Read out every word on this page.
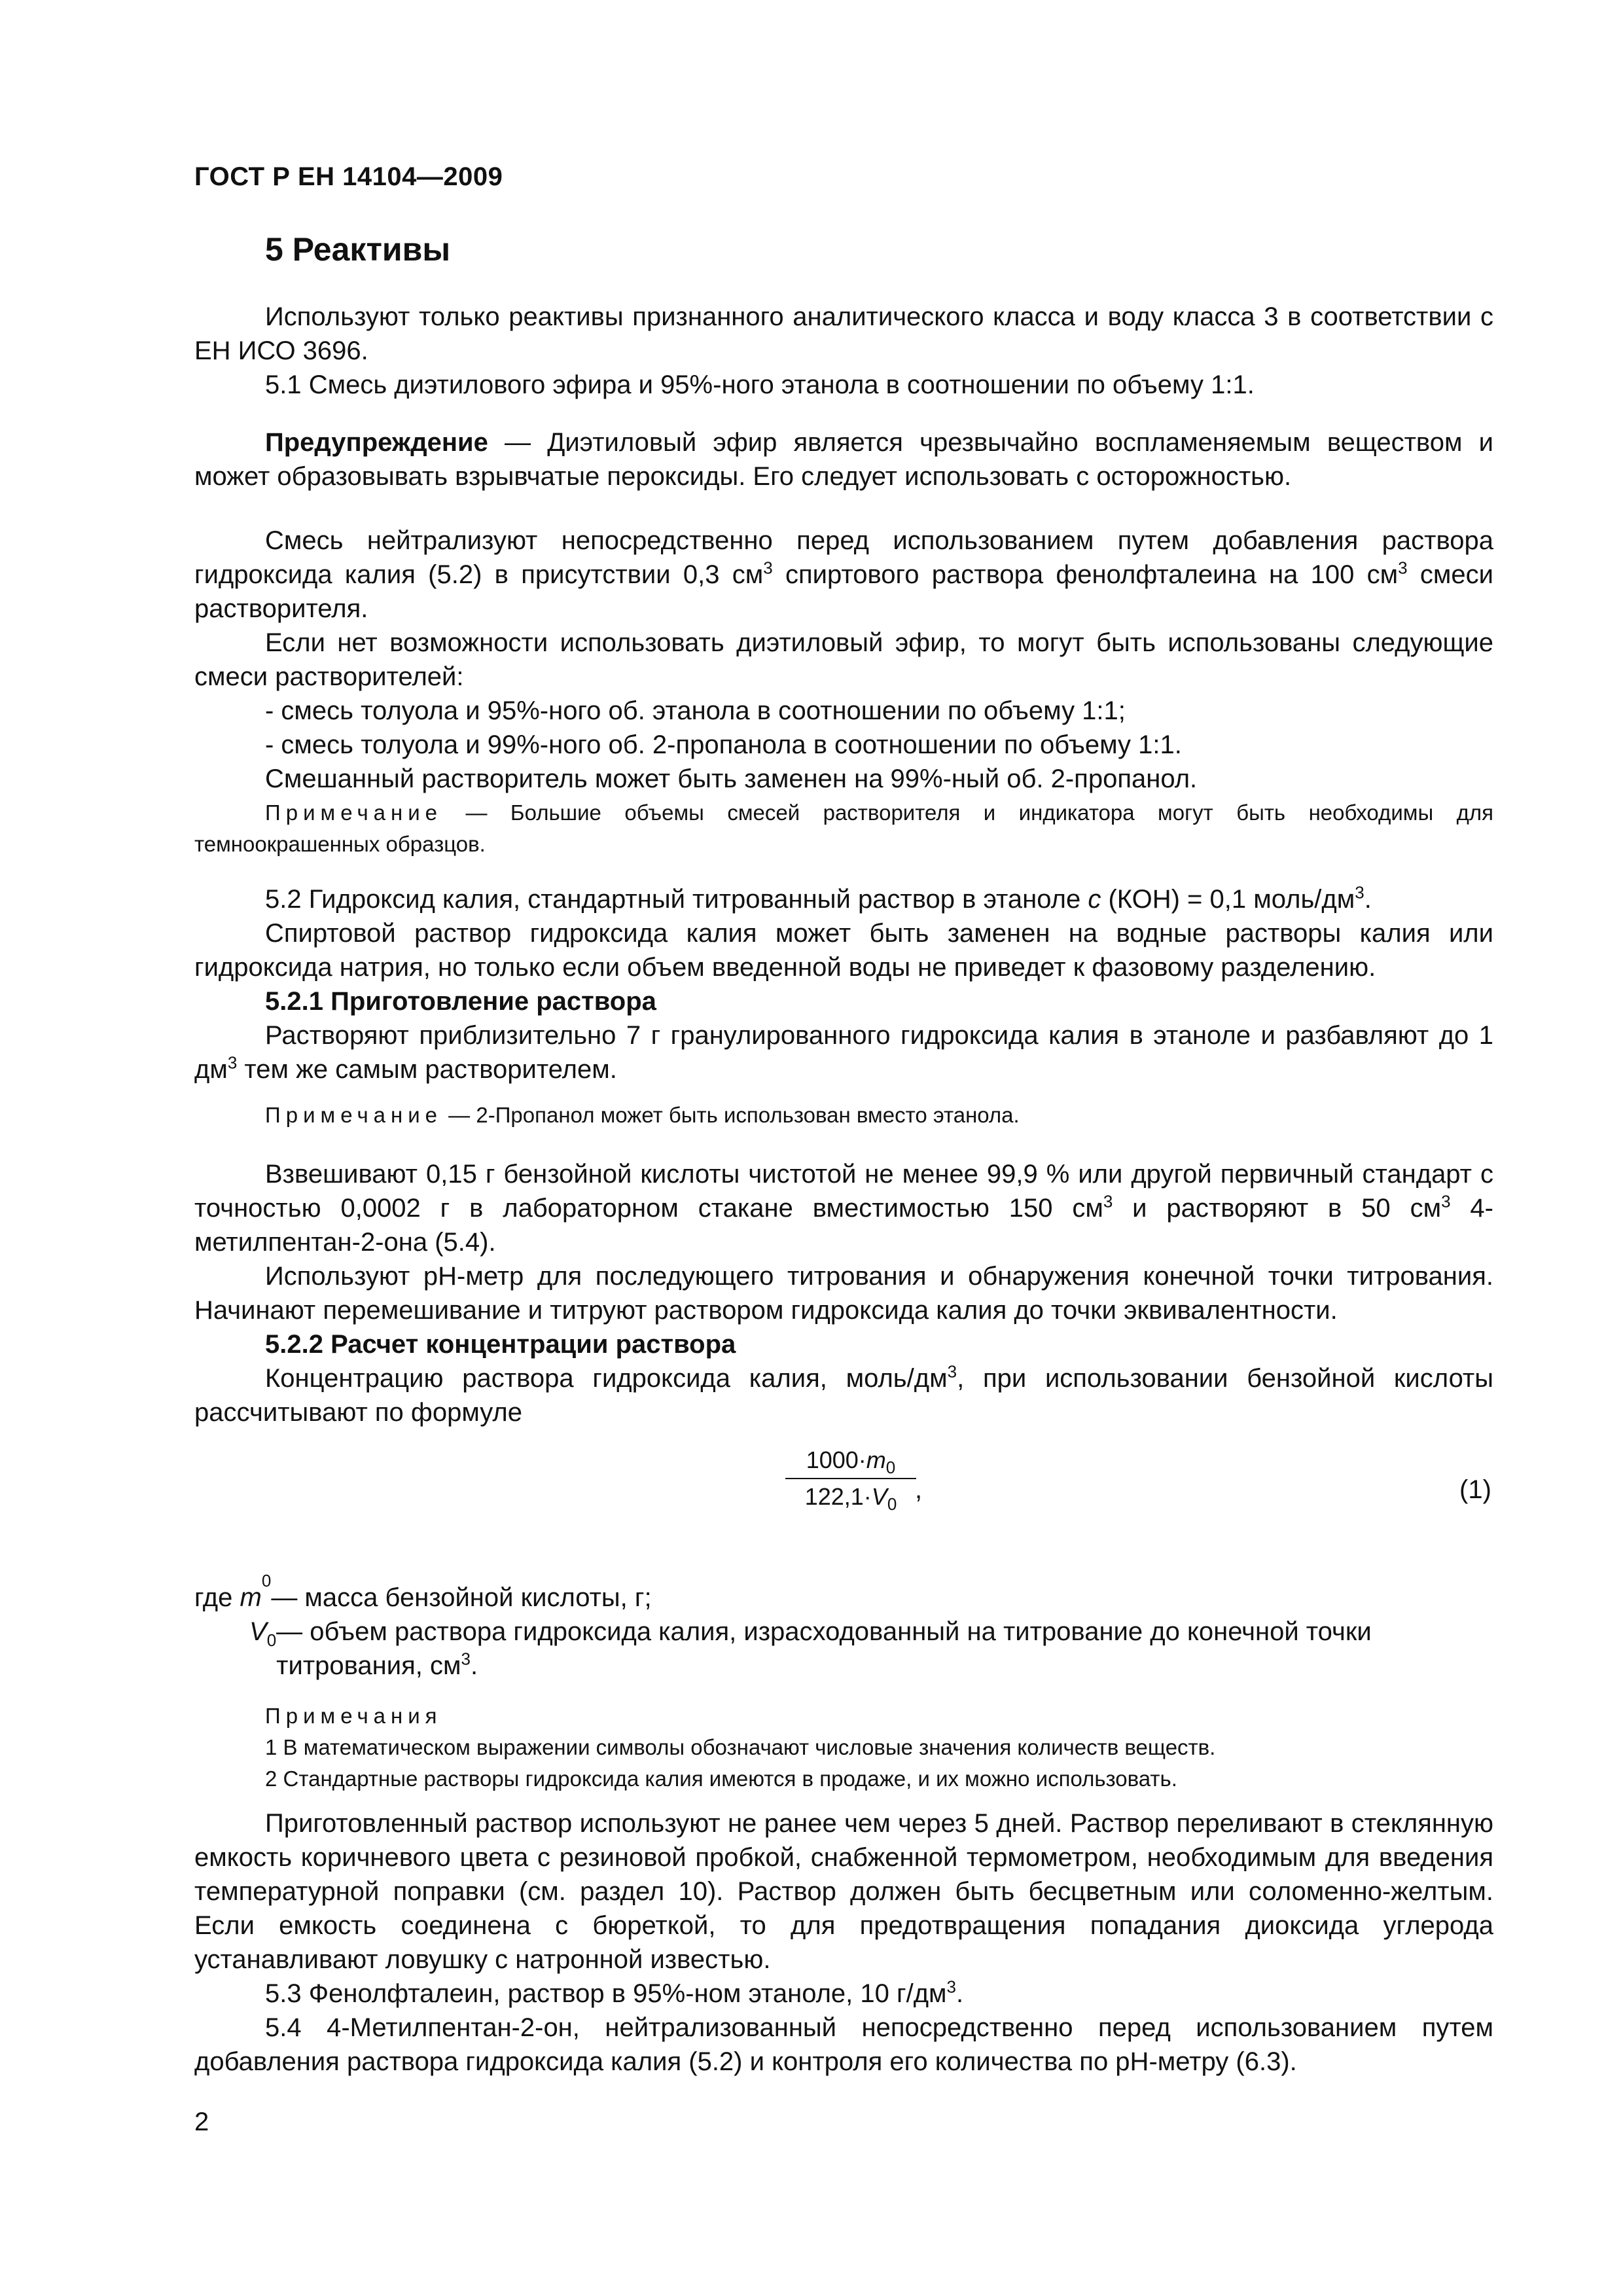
ГОСТ Р ЕН 14104—2009
5 Реактивы

Используют только реактивы признанного аналитического класса и воду класса 3 в соответствии с ЕН ИСО 3696.

5.1 Смесь диэтилового эфира и 95%-ного этанола в соотношении по объему 1:1.

Предупреждение — Диэтиловый эфир является чрезвычайно воспламеняемым веществом и может образовывать взрывчатые пероксиды. Его следует использовать с осторожностью.

Смесь нейтрализуют непосредственно перед использованием путем добавления раствора гидроксида калия (5.2) в присутствии 0,3 $см^3$ спиртового раствора фенолфталеина на 100 $см^3$ смеси растворителя.

Если нет возможности использовать диэтиловый эфир, то могут быть использованы следующие смеси растворителей:

- смесь толуола и 95%-ного об. этанола в соотношении по объему 1:1;

- смесь толуола и 99%-ного об. 2-пропанола в соотношении по объему 1:1.

Смешанный растворитель может быть заменен на 99%-ный об. 2-пропанол.

Примечание — Большие объемы смесей растворителя и индикатора могут быть необходимы для темноокрашенных образцов.

5.2 Гидроксид калия, стандартный титрованный раствор в этаноле c (КОН) = 0,1 моль/$дм^3$.

Спиртовой раствор гидроксида калия может быть заменен на водные растворы калия или гидроксида натрия, но только если объем введенной воды не приведет к фазовому разделению.

5.2.1 Приготовление раствора

Растворяют приблизительно 7 г гранулированного гидроксида калия в этаноле и разбавляют до 1 $дм^3$ тем же самым растворителем.

Примечание — 2-Пропанол может быть использован вместо этанола.

Взвешивают 0,15 г бензойной кислоты чистотой не менее 99,9 % или другой первичный стандарт с точностью 0,0002 г в лабораторном стакане вместимостью 150 $см^3$ и растворяют в 50 $см^3$ 4-метилпентан-2-она (5.4).

Используют pH-метр для последующего титрования и обнаружения конечной точки титрования. Начинают перемешивание и титруют раствором гидроксида калия до точки эквивалентности.

5.2.2 Расчет концентрации раствора

Концентрацию раствора гидроксида калия, моль/$дм^3$, при использовании бензойной кислоты рассчитывают по формуле

$\frac{1000\cdot m_0}{122,1\cdot V_0}$
,	(1)
где
m
0
— масса бензойной кислоты, г;
$V_0$ — объем раствора гидроксида калия, израсходованный на титрование до конечной точки титрования, $см^3$.

Примечания

1 В математическом выражении символы обозначают числовые значения количеств веществ.

2 Стандартные растворы гидроксида калия имеются в продаже, и их можно использовать.

Приготовленный раствор используют не ранее чем через 5 дней. Раствор переливают в стеклянную емкость коричневого цвета с резиновой пробкой, снабженной термометром, необходимым для введения температурной поправки (см. раздел 10). Раствор должен быть бесцветным или соломенно-желтым. Если емкость соединена с бюреткой, то для предотвращения попадания диоксида углерода устанавливают ловушку с натронной известью.

5.3 Фенолфталеин, раствор в 95%-ном этаноле, 10 $г/дм^3$.

5.4 4-Метилпентан-2-он, нейтрализованный непосредственно перед использованием путем добавления раствора гидроксида калия (5.2) и контроля его количества по pH-метру (6.3).

2
